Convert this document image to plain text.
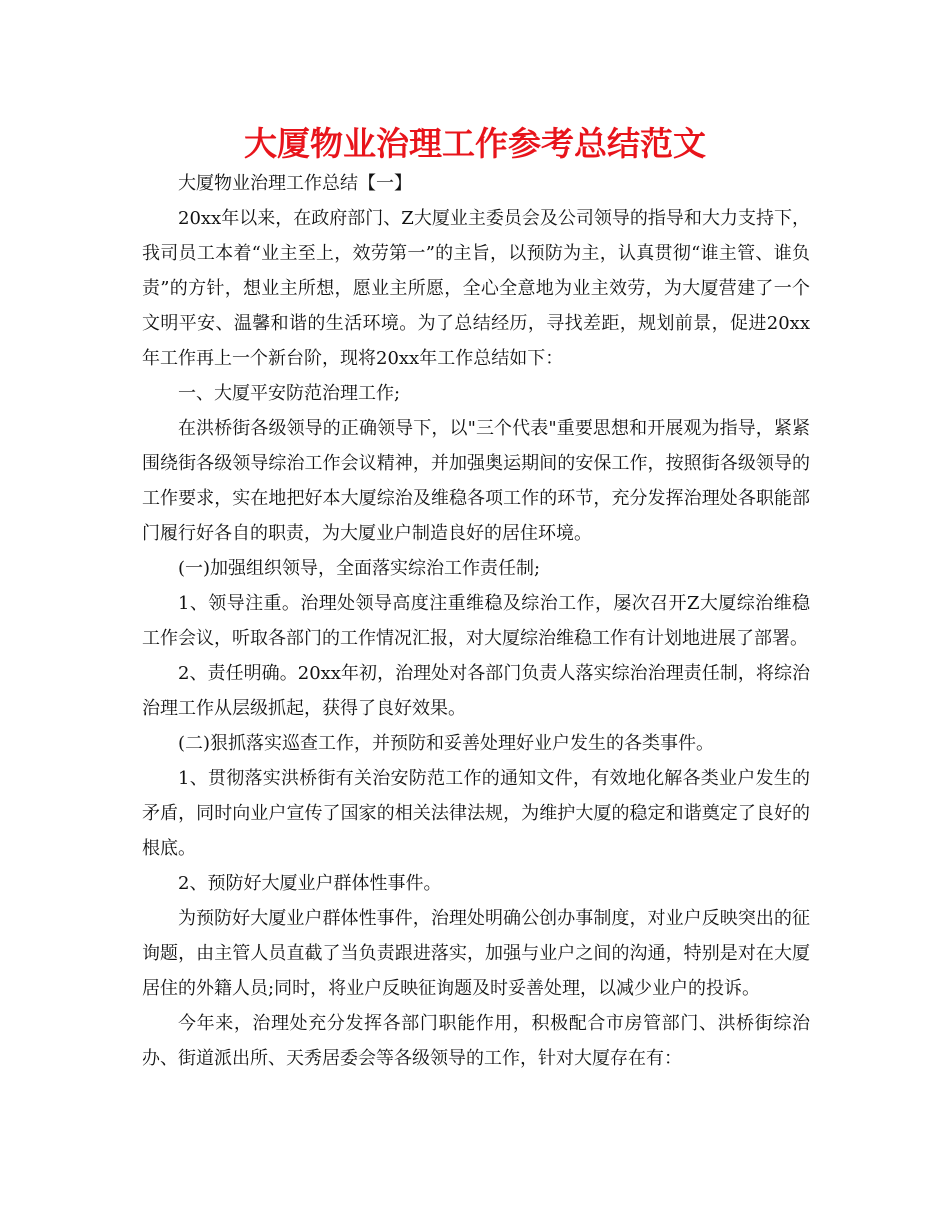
大厦物业治理工作参考总结范文

大厦物业治理工作总结【一】

20xx年以来，在政府部门、Z大厦业主委员会及公司领导的指导和大力支持下，我司员工本着“业主至上，效劳第一”的主旨，以预防为主，认真贯彻“谁主管、谁负责”的方针，想业主所想，愿业主所愿，全心全意地为业主效劳，为大厦营建了一个文明平安、温馨和谐的生活环境。为了总结经历，寻找差距，规划前景，促进20xx年工作再上一个新台阶，现将20xx年工作总结如下：

一、大厦平安防范治理工作;

在洪桥街各级领导的正确领导下，以"三个代表"重要思想和开展观为指导，紧紧围绕街各级领导综治工作会议精神，并加强奥运期间的安保工作，按照街各级领导的工作要求，实在地把好本大厦综治及维稳各项工作的环节，充分发挥治理处各职能部门履行好各自的职责，为大厦业户制造良好的居住环境。

(一)加强组织领导，全面落实综治工作责任制;

1、领导注重。治理处领导高度注重维稳及综治工作，屡次召开Z大厦综治维稳工作会议，听取各部门的工作情况汇报，对大厦综治维稳工作有计划地进展了部署。

2、责任明确。20xx年初，治理处对各部门负责人落实综治治理责任制，将综治治理工作从层级抓起，获得了良好效果。

(二)狠抓落实巡查工作，并预防和妥善处理好业户发生的各类事件。

1、贯彻落实洪桥街有关治安防范工作的通知文件，有效地化解各类业户发生的矛盾，同时向业户宣传了国家的相关法律法规，为维护大厦的稳定和谐奠定了良好的根底。

2、预防好大厦业户群体性事件。

为预防好大厦业户群体性事件，治理处明确公创办事制度，对业户反映突出的征询题，由主管人员直截了当负责跟进落实，加强与业户之间的沟通，特别是对在大厦居住的外籍人员;同时，将业户反映征询题及时妥善处理，以减少业户的投诉。

今年来，治理处充分发挥各部门职能作用，积极配合市房管部门、洪桥街综治办、街道派出所、天秀居委会等各级领导的工作，针对大厦存在有：
